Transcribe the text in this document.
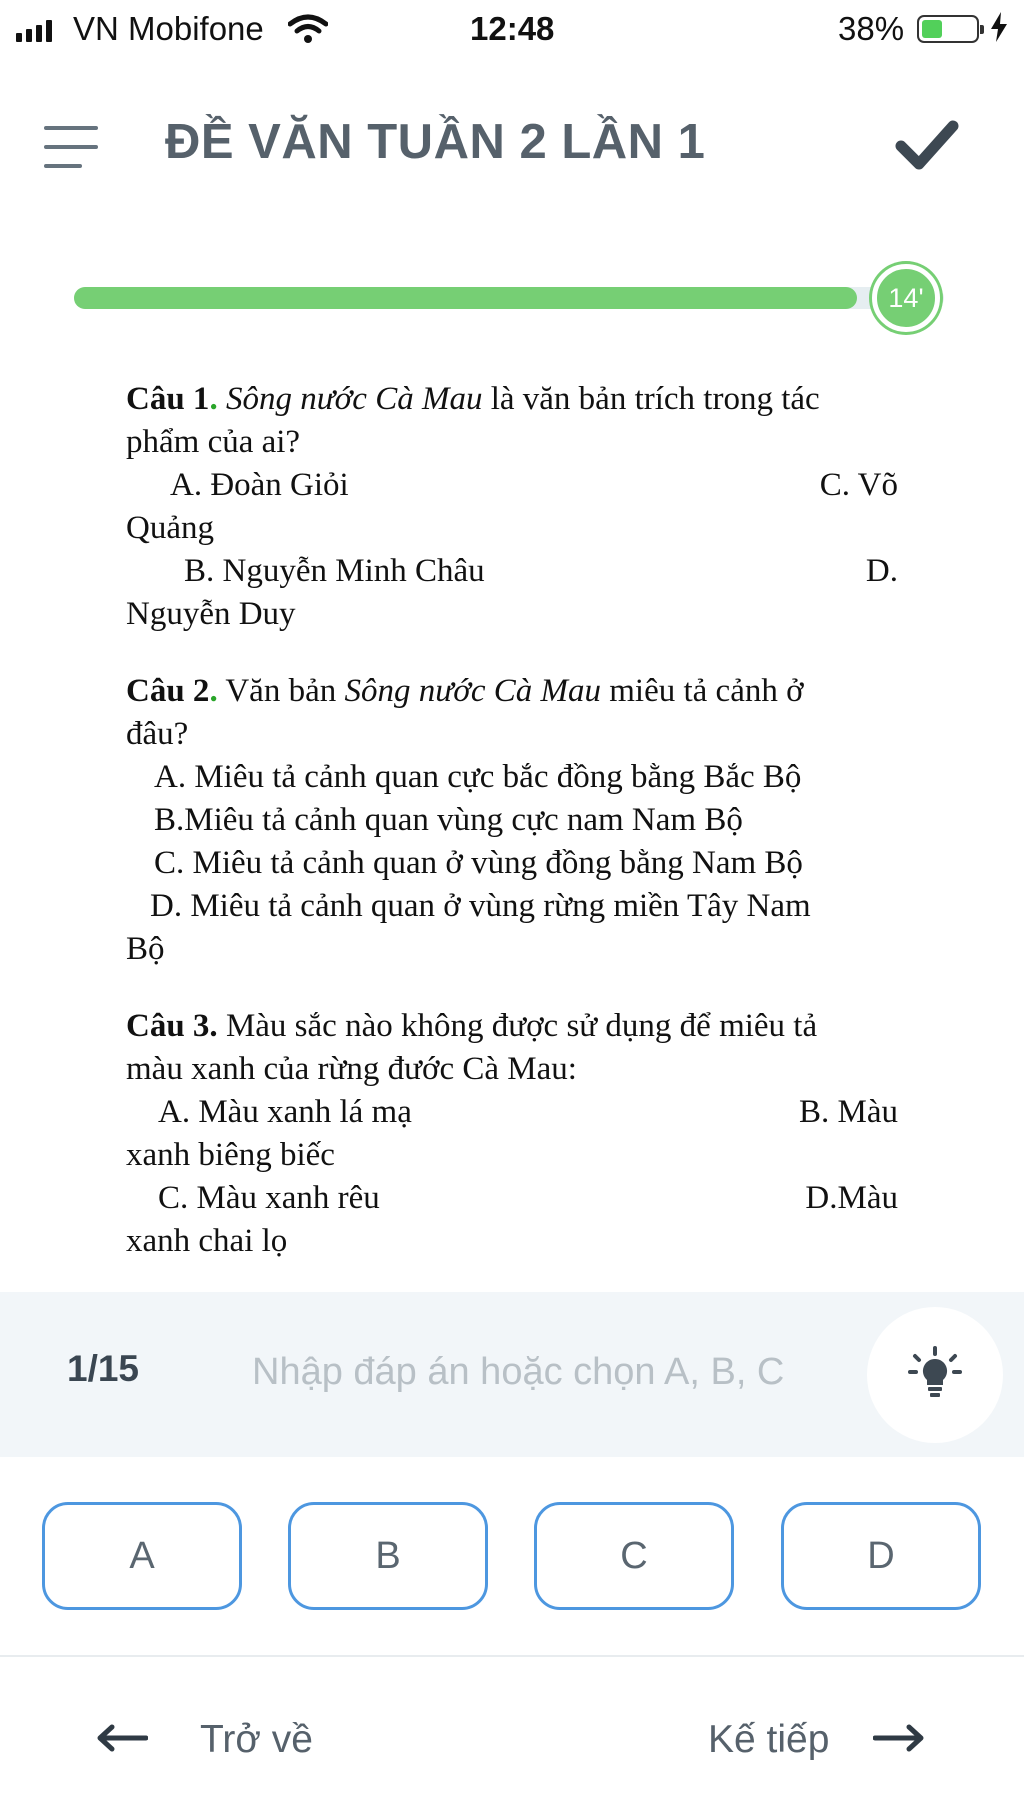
VN Mobifone	12:48	38%
ĐỀ VĂN TUẦN 2 LẦN 1
14'

Câu 1. Sông nước Cà Mau là văn bản trích trong tác

phẩm của ai?

A. Đoàn Giỏi	C. Võ

Quảng

B. Nguyễn Minh Châu	D.

Nguyễn Duy

Câu 2. Văn bản Sông nước Cà Mau miêu tả cảnh ở

đâu?

A. Miêu tả cảnh quan cực bắc đồng bằng Bắc Bộ

B.Miêu tả cảnh quan vùng cực nam Nam Bộ

C. Miêu tả cảnh quan ở vùng đồng bằng Nam Bộ

D. Miêu tả cảnh quan ở vùng rừng miền Tây Nam

Bộ

Câu 3. Màu sắc nào không được sử dụng để miêu tả

màu xanh của rừng đước Cà Mau:

A. Màu xanh lá mạ	B. Màu

xanh biêng biếc

C. Màu xanh rêu	D.Màu

xanh chai lọ

1/15
Nhập đáp án hoặc chọn A, B, C
A	B	C	D
Trở về	Kế tiếp
